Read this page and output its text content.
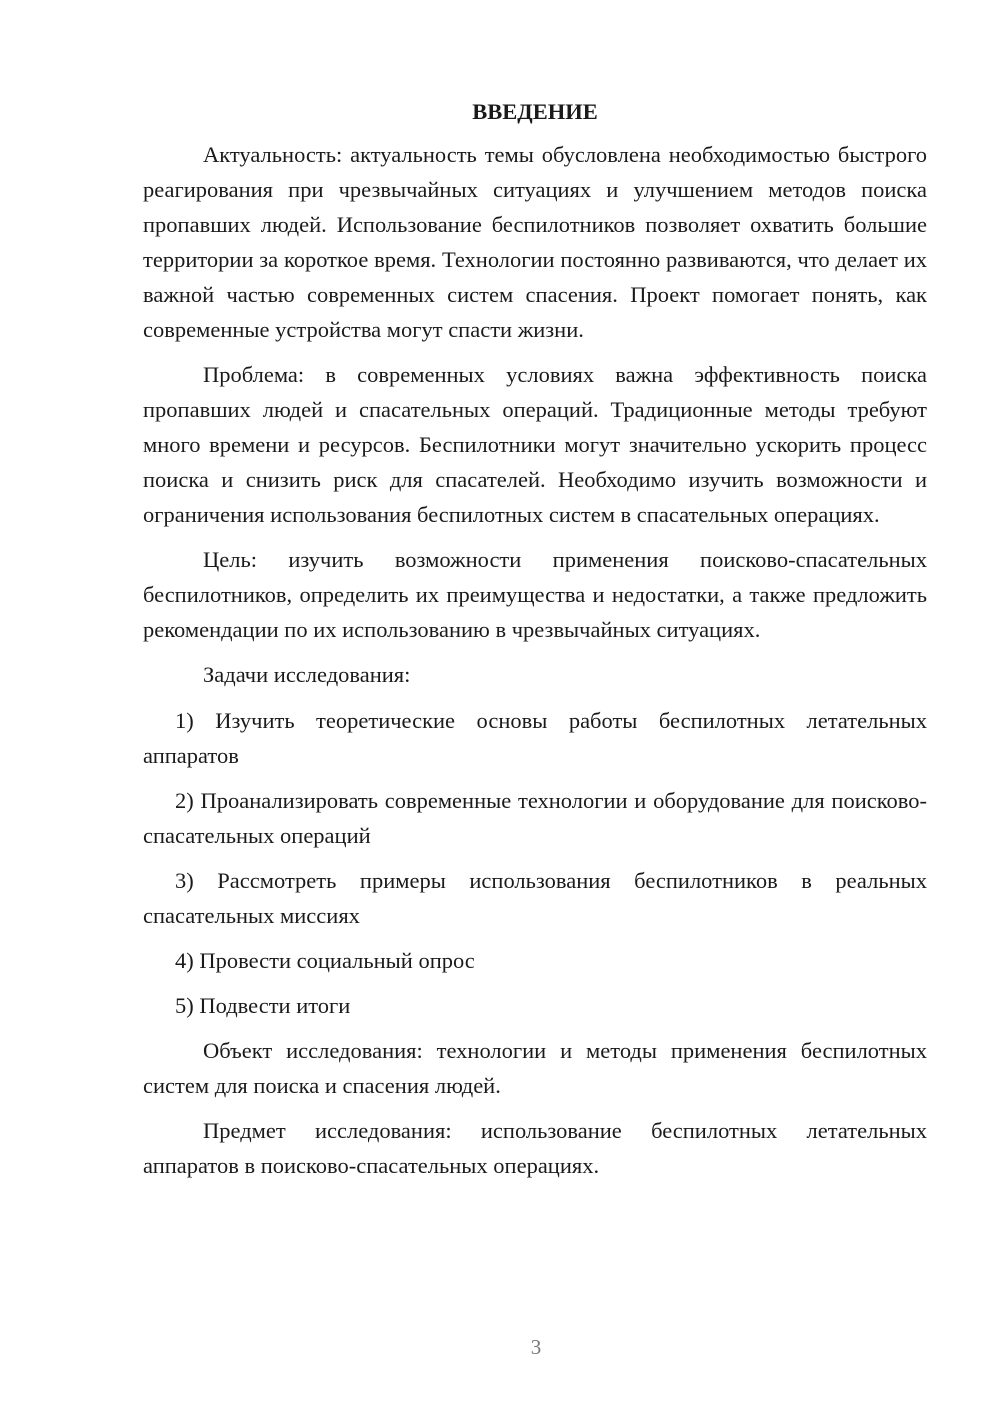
ВВЕДЕНИЕ

Актуальность: актуальность темы обусловлена необходимостью быстрого реагирования при чрезвычайных ситуациях и улучшением методов поиска пропавших людей. Использование беспилотников позволяет охватить большие территории за короткое время. Технологии постоянно развиваются, что делает их важной частью современных систем спасения. Проект помогает понять, как современные устройства могут спасти жизни.

Проблема: в современных условиях важна эффективность поиска пропавших людей и спасательных операций. Традиционные методы требуют много времени и ресурсов. Беспилотники могут значительно ускорить процесс поиска и снизить риск для спасателей. Необходимо изучить возможности и ограничения использования беспилотных систем в спасательных операциях.

Цель: изучить возможности применения поисково-спасательных беспилотников, определить их преимущества и недостатки, а также предложить рекомендации по их использованию в чрезвычайных ситуациях.

Задачи исследования:

1) Изучить теоретические основы работы беспилотных летательных аппаратов

2) Проанализировать современные технологии и оборудование для поисково-спасательных операций

3) Рассмотреть примеры использования беспилотников в реальных спасательных миссиях

4) Провести социальный опрос

5) Подвести итоги

Объект исследования: технологии и методы применения беспилотных систем для поиска и спасения людей.

Предмет исследования: использование беспилотных летательных аппаратов в поисково-спасательных операциях.

3
